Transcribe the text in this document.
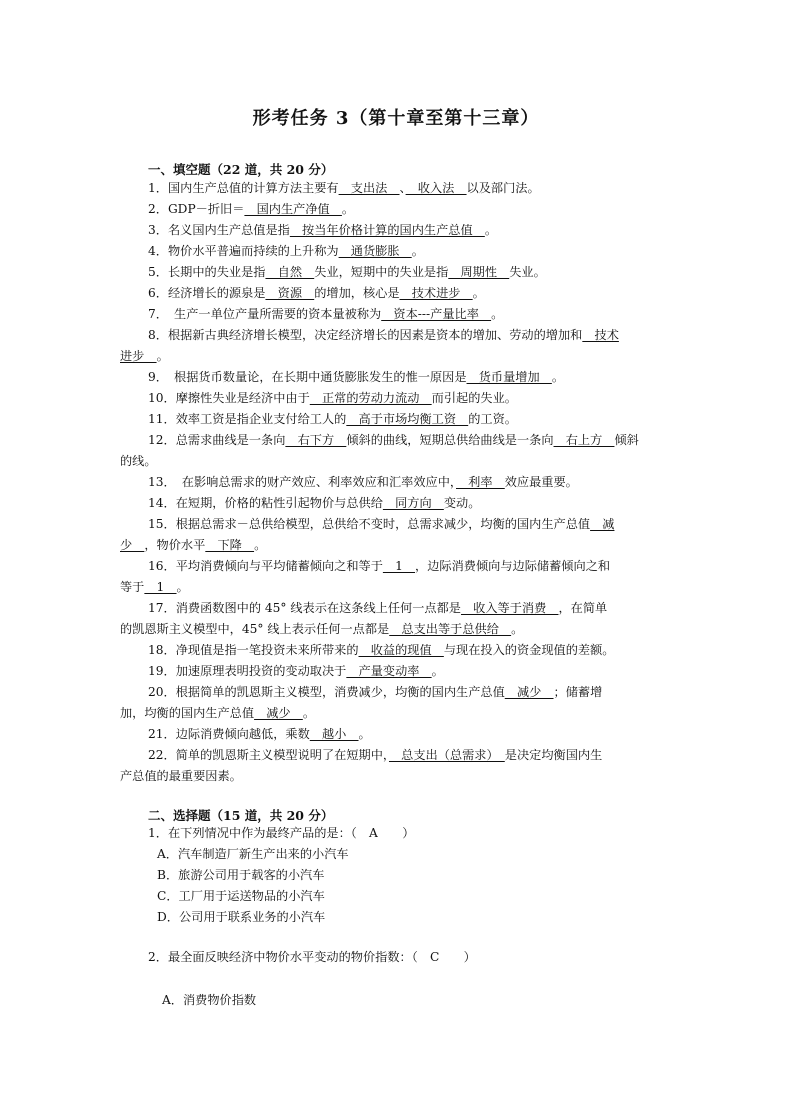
形考任务 3（第十章至第十三章）
一、填空题（22 道，共 20 分）
1．国内生产总值的计算方法主要有　支出法　、　收入法　以及部门法。
2．GDP－折旧＝　国内生产净值　。
3．名义国内生产总值是指　按当年价格计算的国内生产总值　。
4．物价水平普遍而持续的上升称为　通货膨胀　。
5．长期中的失业是指　自然　失业，短期中的失业是指　周期性　失业。
6．经济增长的源泉是　资源　的增加，核心是　技术进步　。
7．　生产一单位产量所需要的资本量被称为　资本---产量比率　。
8．根据新古典经济增长模型，决定经济增长的因素是资本的增加、劳动的增加和　技术
进步　。
9．　根据货币数量论，在长期中通货膨胀发生的惟一原因是　货币量增加　。
10．摩擦性失业是经济中由于　正常的劳动力流动　而引起的失业。
11．效率工资是指企业支付给工人的　高于市场均衡工资　的工资。
12．总需求曲线是一条向　右下方　倾斜的曲线，短期总供给曲线是一条向　右上方　倾斜
的线。
13．　在影响总需求的财产效应、利率效应和汇率效应中，　利率　效应最重要。
14．在短期，价格的粘性引起物价与总供给　同方向　变动。
15．根据总需求－总供给模型，总供给不变时，总需求减少，均衡的国内生产总值　减
少　，物价水平　下降　。
16．平均消费倾向与平均储蓄倾向之和等于　1　，边际消费倾向与边际储蓄倾向之和
等于　1　。
17．消费函数图中的 45° 线表示在这条线上任何一点都是　收入等于消费　，在简单
的凯恩斯主义模型中，45° 线上表示任何一点都是　总支出等于总供给　。
18．净现值是指一笔投资未来所带来的　收益的现值　与现在投入的资金现值的差额。
19．加速原理表明投资的变动取决于　产量变动率　。
20．根据简单的凯恩斯主义模型，消费减少，均衡的国内生产总值　减少　；储蓄增
加，均衡的国内生产总值　减少　。
21．边际消费倾向越低，乘数　越小　。
22．简单的凯恩斯主义模型说明了在短期中，　总支出（总需求）　是决定均衡国内生
产总值的最重要因素。
二、选择题（15 道，共 20 分）
1．在下列情况中作为最终产品的是：（　A　　）
A．汽车制造厂新生产出来的小汽车
B．旅游公司用于载客的小汽车
C．工厂用于运送物品的小汽车
D．公司用于联系业务的小汽车
2．最全面反映经济中物价水平变动的物价指数：（　C　　）
A．消费物价指数
